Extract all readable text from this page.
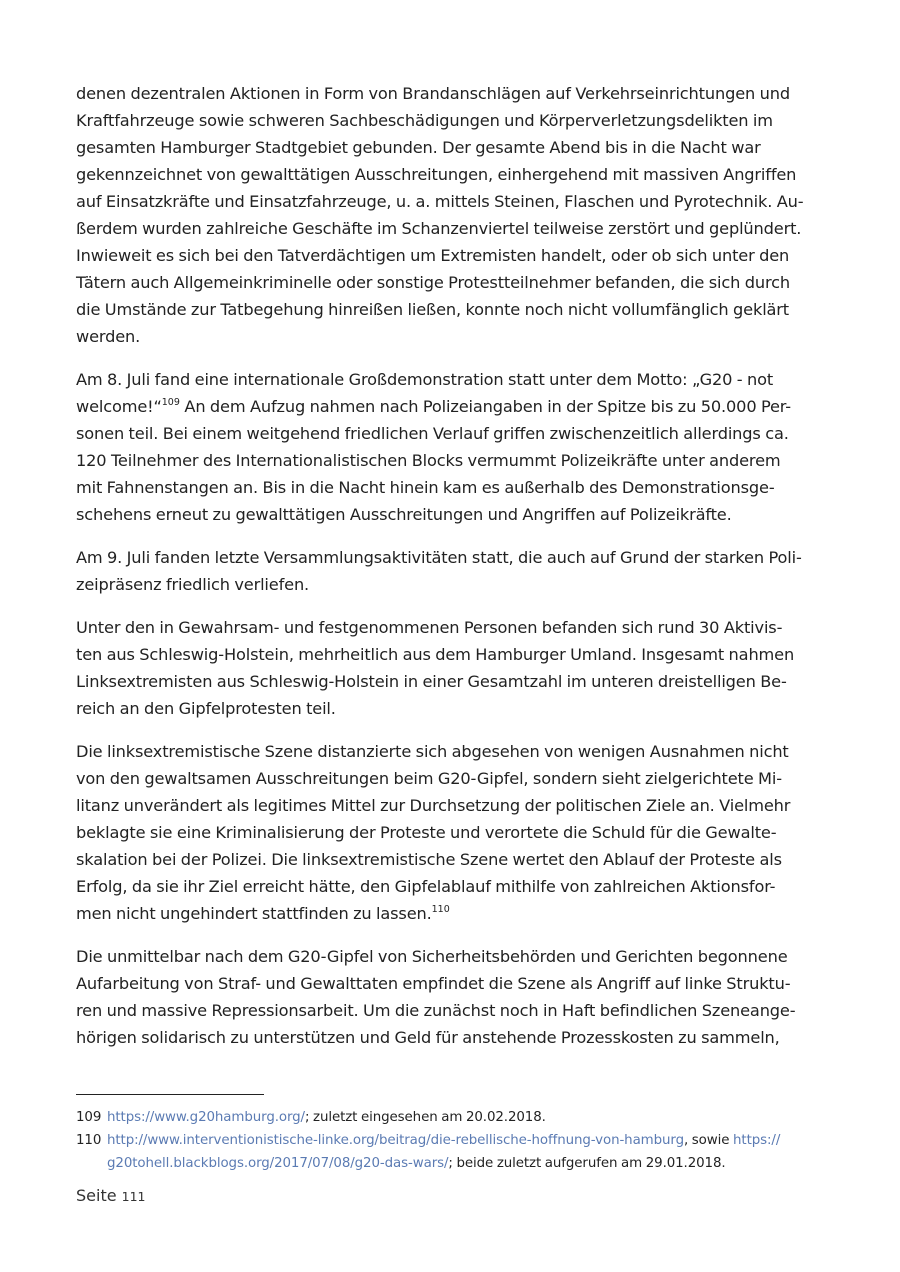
denen dezentralen Aktionen in Form von Brandanschlägen auf Verkehrseinrichtungen und
Kraftfahrzeuge sowie schweren Sachbeschädigungen und Körperverletzungsdelikten im
gesamten Hamburger Stadtgebiet gebunden. Der gesamte Abend bis in die Nacht war
gekennzeichnet von gewalttätigen Ausschreitungen, einhergehend mit massiven Angriffen
auf Einsatzkräfte und Einsatzfahrzeuge, u. a. mittels Steinen, Flaschen und Pyrotechnik. Au-
ßerdem wurden zahlreiche Geschäfte im Schanzenviertel teilweise zerstört und geplündert.
Inwieweit es sich bei den Tatverdächtigen um Extremisten handelt, oder ob sich unter den
Tätern auch Allgemeinkriminelle oder sonstige Protestteilnehmer befanden, die sich durch
die Umstände zur Tatbegehung hinreißen ließen, konnte noch nicht vollumfänglich geklärt
werden.

Am 8. Juli fand eine internationale Großdemonstration statt unter dem Motto: „G20 - not
welcome!“$^{109}$ An dem Aufzug nahmen nach Polizeiangaben in der Spitze bis zu 50.000 Per-
sonen teil. Bei einem weitgehend friedlichen Verlauf griffen zwischenzeitlich allerdings ca.
120 Teilnehmer des Internationalistischen Blocks vermummt Polizeikräfte unter anderem
mit Fahnenstangen an. Bis in die Nacht hinein kam es außerhalb des Demonstrationsge-
schehens erneut zu gewalttätigen Ausschreitungen und Angriffen auf Polizeikräfte.

Am 9. Juli fanden letzte Versammlungsaktivitäten statt, die auch auf Grund der starken Poli-
zeipräsenz friedlich verliefen.

Unter den in Gewahrsam- und festgenommenen Personen befanden sich rund 30 Aktivis-
ten aus Schleswig-Holstein, mehrheitlich aus dem Hamburger Umland. Insgesamt nahmen
Linksextremisten aus Schleswig-Holstein in einer Gesamtzahl im unteren dreistelligen Be-
reich an den Gipfelprotesten teil.

Die linksextremistische Szene distanzierte sich abgesehen von wenigen Ausnahmen nicht
von den gewaltsamen Ausschreitungen beim G20-Gipfel, sondern sieht zielgerichtete Mi-
litanz unverändert als legitimes Mittel zur Durchsetzung der politischen Ziele an. Vielmehr
beklagte sie eine Kriminalisierung der Proteste und verortete die Schuld für die Gewalte-
skalation bei der Polizei. Die linksextremistische Szene wertet den Ablauf der Proteste als
Erfolg, da sie ihr Ziel erreicht hätte, den Gipfelablauf mithilfe von zahlreichen Aktionsfor-
men nicht ungehindert stattfinden zu lassen.$^{110}$

Die unmittelbar nach dem G20-Gipfel von Sicherheitsbehörden und Gerichten begonnene
Aufarbeitung von Straf- und Gewalttaten empfindet die Szene als Angriff auf linke Struktu-
ren und massive Repressionsarbeit. Um die zunächst noch in Haft befindlichen Szeneange-
hörigen solidarisch zu unterstützen und Geld für anstehende Prozesskosten zu sammeln,

109 https://www.g20hamburg.org/; zuletzt eingesehen am 20.02.2018.
110 http://www.interventionistische-linke.org/beitrag/die-rebellische-hoffnung-von-hamburg, sowie https://
g20tohell.blackblogs.org/2017/07/08/g20-das-wars/; beide zuletzt aufgerufen am 29.01.2018.
Seite 111
